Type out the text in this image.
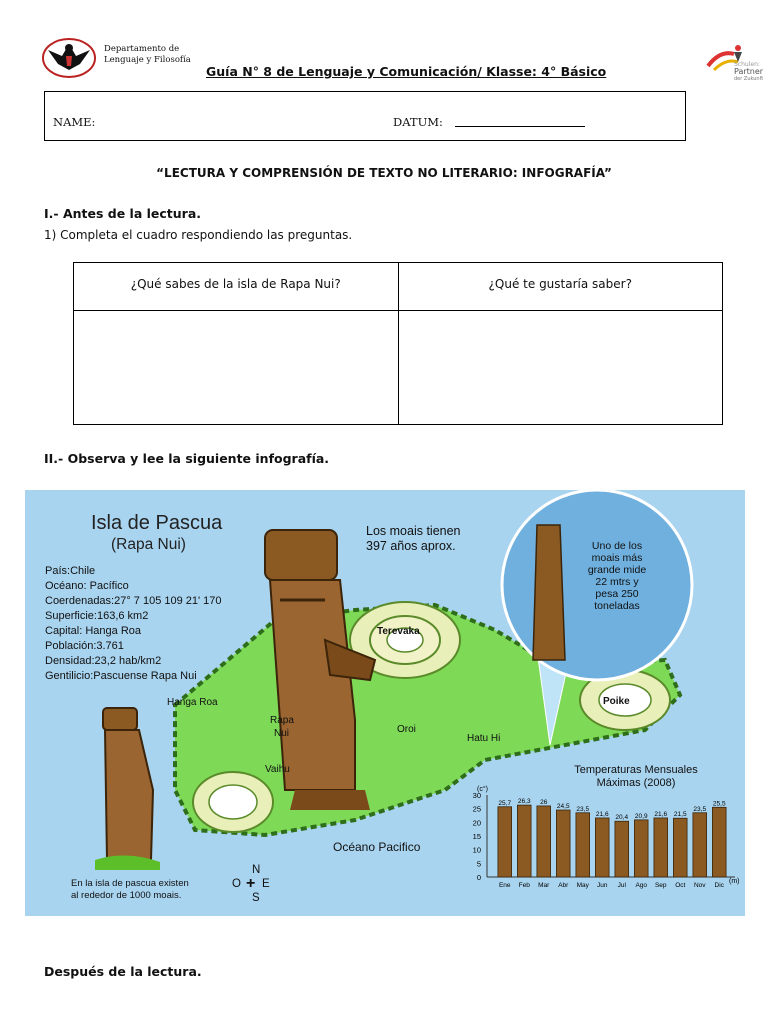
Departamento de
Lenguaje y Filosofía
Guía N° 8 de Lenguaje y Comunicación/ Klasse: 4° Básico	Schulen:
Partner
der Zukunft
NAME:	DATUM:
“LECTURA Y COMPRENSIÓN DE TEXTO NO LITERARIO: INFOGRAFÍA”
I.- Antes de la lectura.
1) Completa el cuadro respondiendo las preguntas.
¿Qué sabes de la isla de Rapa Nui?	¿Qué te gustaría saber?

II.- Observa y lee la siguiente infografía.
Isla de Pascua
(Rapa Nui)
País:Chile
Océano: Pacífico
Coerdenadas:27° 7 105 109 21' 170
Superficie:163,6 km2
Capital: Hanga Roa
Población:3.761
Densidad:23,2 hab/km2
Gentilicio:Pascuense Rapa Nui
Los moais tienen
397 años aprox.
Terevaka
Hanga Roa
Rapa
Nui	Oroi
Hatu Hi
Vaihu
Poike
Uno de los
moais más
grande mide
22 mtrs y
pesa 250
toneladas
Océano Pacifico
En la isla de pascua existen
al rededor de 1000 moais.
N
O + E
S
Temperaturas Mensuales
Máximas (2008)
(c°)
0
5
10
15
20
25
30
(m)
25,7
Ene
26,3
Feb
26
Mar
24,5
Abr
23,5
May
21,6
Jun
20,4
Jul
20,9
Ago
21,6
Sep
21,5
Oct
23,5
Nov
25,5
Dic
Después de la lectura.
